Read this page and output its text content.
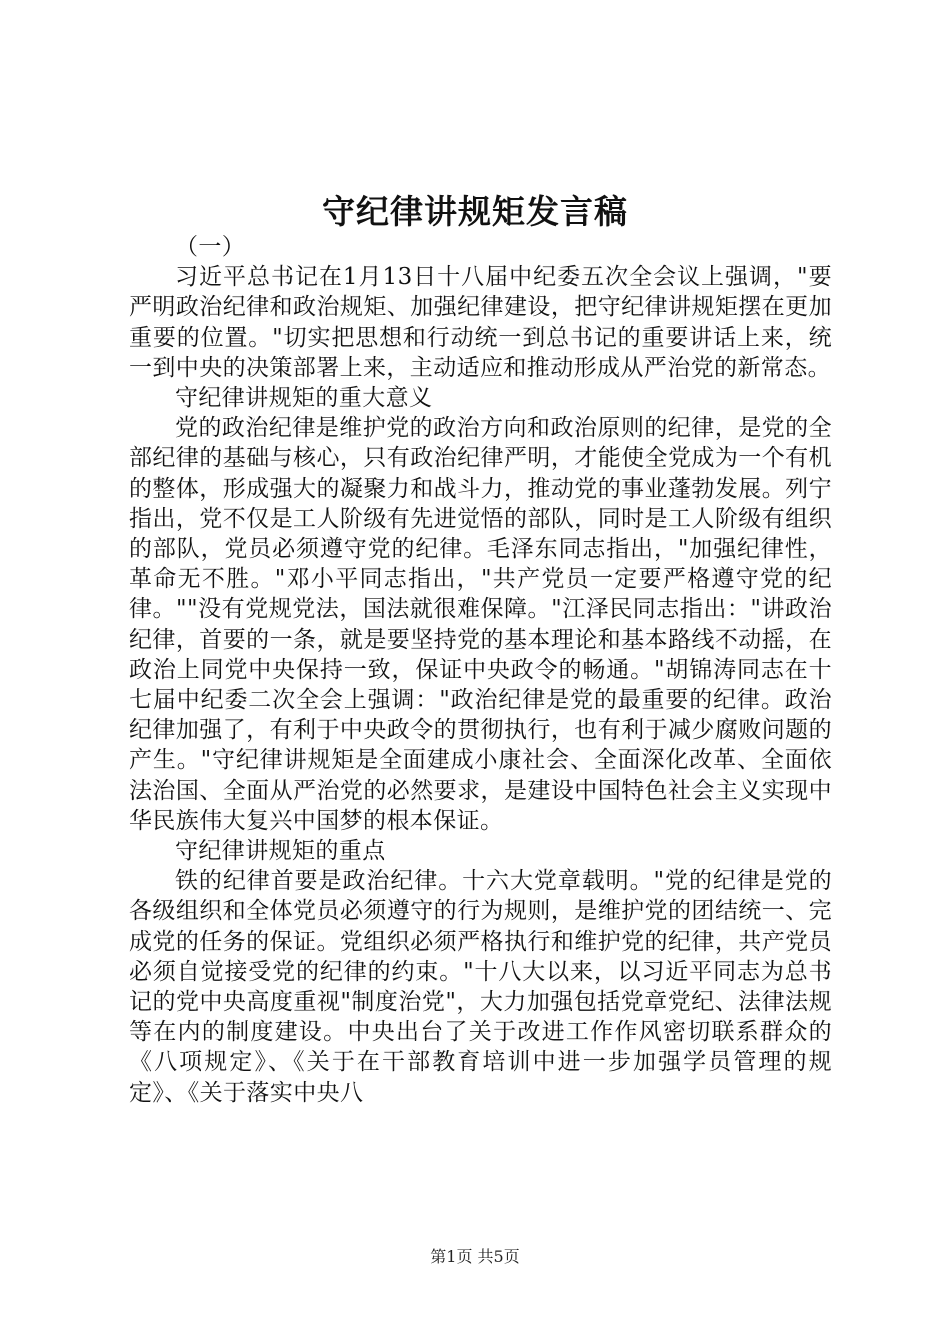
守纪律讲规矩发言稿

（一）

习近平总书记在1月13日十八届中纪委五次全会议上强调，"要严明政治纪律和政治规矩、加强纪律建设，把守纪律讲规矩摆在更加重要的位置。"切实把思想和行动统一到总书记的重要讲话上来，统一到中央的决策部署上来，主动适应和推动形成从严治党的新常态。

守纪律讲规矩的重大意义

党的政治纪律是维护党的政治方向和政治原则的纪律，是党的全部纪律的基础与核心，只有政治纪律严明，才能使全党成为一个有机的整体，形成强大的凝聚力和战斗力，推动党的事业蓬勃发展。列宁指出，党不仅是工人阶级有先进觉悟的部队，同时是工人阶级有组织的部队，党员必须遵守党的纪律。毛泽东同志指出，"加强纪律性，革命无不胜。"邓小平同志指出，"共产党员一定要严格遵守党的纪律。""没有党规党法，国法就很难保障。"江泽民同志指出："讲政治纪律，首要的一条，就是要坚持党的基本理论和基本路线不动摇，在政治上同党中央保持一致，保证中央政令的畅通。"胡锦涛同志在十七届中纪委二次全会上强调："政治纪律是党的最重要的纪律。政治纪律加强了，有利于中央政令的贯彻执行，也有利于减少腐败问题的产生。"守纪律讲规矩是全面建成小康社会、全面深化改革、全面依法治国、全面从严治党的必然要求，是建设中国特色社会主义实现中华民族伟大复兴中国梦的根本保证。

守纪律讲规矩的重点

铁的纪律首要是政治纪律。十六大党章载明。"党的纪律是党的各级组织和全体党员必须遵守的行为规则，是维护党的团结统一、完成党的任务的保证。党组织必须严格执行和维护党的纪律，共产党员必须自觉接受党的纪律的约束。"十八大以来，以习近平同志为总书记的党中央高度重视"制度治党"，大力加强包括党章党纪、法律法规等在内的制度建设。中央出台了关于改进工作作风密切联系群众的《八项规定》、《关于在干部教育培训中进一步加强学员管理的规定》、《关于落实中央八

第1页 共5页
